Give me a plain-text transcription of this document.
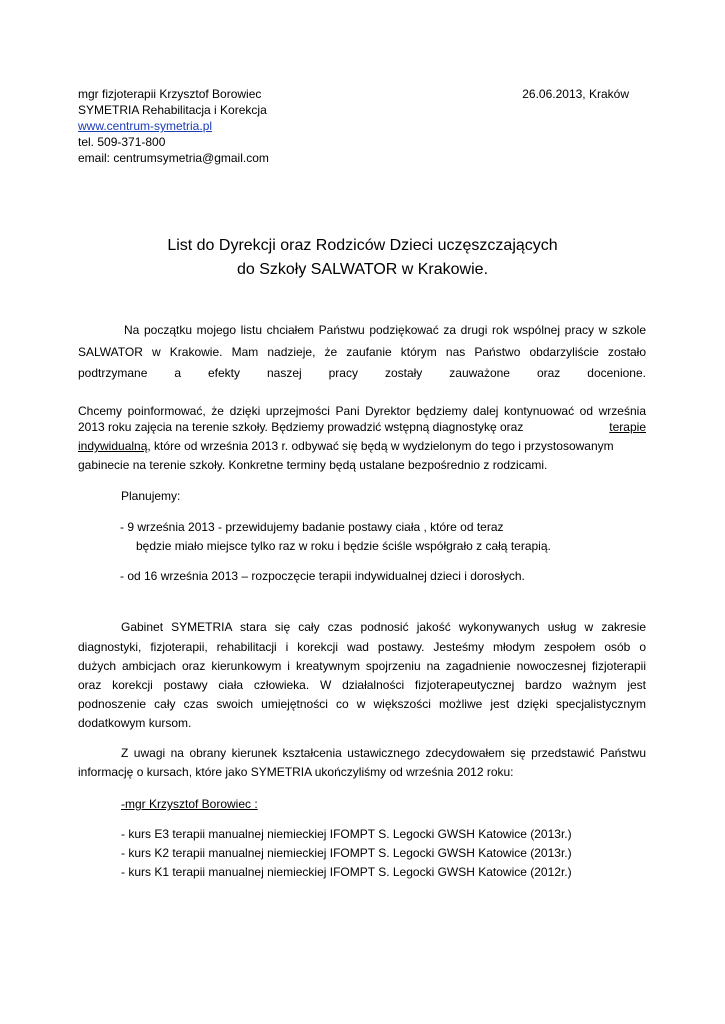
mgr fizjoterapii Krzysztof Borowiec
SYMETRIA Rehabilitacja i Korekcja
www.centrum-symetria.pl
tel. 509-371-800
email: centrumsymetria@gmail.com
26.06.2013, Kraków
List do Dyrekcji oraz Rodziców Dzieci uczęszczających
do Szkoły SALWATOR w Krakowie.
Na początku mojego listu chciałem Państwu podziękować za drugi rok wspólnej pracy w szkole
SALWATOR w Krakowie. Mam nadzieje, że zaufanie którym nas Państwo obdarzyliście zostało
podtrzymane a efekty naszej pracy zostały zauważone oraz docenione.
Chcemy poinformować, że dzięki uprzejmości Pani Dyrektor będziemy dalej kontynuować od września
2013 roku zajęcia na terenie szkoły. Będziemy prowadzić wstępną diagnostykę oraz	terapie
indywidualną, które od września 2013 r. odbywać się będą w wydzielonym do tego i przystosowanym
gabinecie na terenie szkoły. Konkretne terminy będą ustalane bezpośrednio z rodzicami.
Planujemy:
- 9 września 2013 - przewidujemy badanie postawy ciała , które od teraz
będzie miało miejsce tylko raz w roku i będzie ściśle współgrało z całą terapią.
- od 16 września 2013 – rozpoczęcie terapii indywidualnej dzieci i dorosłych.
Gabinet SYMETRIA stara się cały czas podnosić jakość wykonywanych usług w zakresie
diagnostyki, fizjoterapii, rehabilitacji i korekcji wad postawy. Jesteśmy młodym zespołem osób o
dużych ambicjach oraz kierunkowym i kreatywnym spojrzeniu na zagadnienie nowoczesnej fizjoterapii
oraz korekcji postawy ciała człowieka. W działalności fizjoterapeutycznej bardzo ważnym jest
podnoszenie cały czas swoich umiejętności co w większości możliwe jest dzięki specjalistycznym
dodatkowym kursom.
Z uwagi na obrany kierunek kształcenia ustawicznego zdecydowałem się przedstawić Państwu
informację o kursach, które jako SYMETRIA ukończyliśmy od września 2012 roku:
-mgr Krzysztof Borowiec :
- kurs E3 terapii manualnej niemieckiej IFOMPT S. Legocki GWSH Katowice (2013r.)
- kurs K2 terapii manualnej niemieckiej IFOMPT S. Legocki GWSH Katowice (2013r.)
- kurs K1 terapii manualnej niemieckiej IFOMPT S. Legocki GWSH Katowice (2012r.)
